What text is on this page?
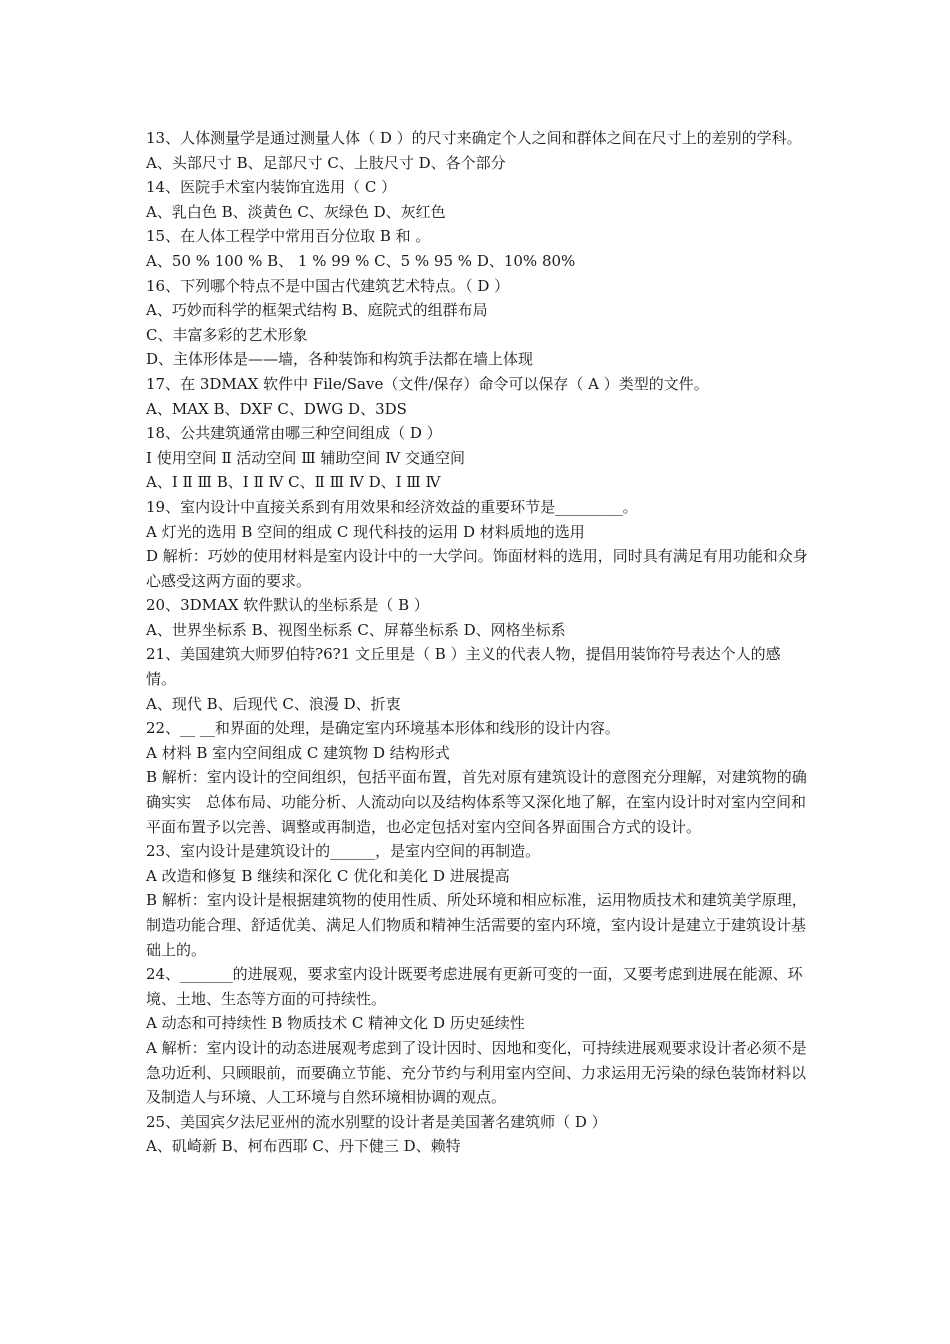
13、人体测量学是通过测量人体（ D ）的尺寸来确定个人之间和群体之间在尺寸上的差别的学科。

A、头部尺寸 B、足部尺寸 C、上肢尺寸 D、各个部分

14、医院手术室内装饰宜选用（ C ）

A、乳白色 B、淡黄色 C、灰绿色 D、灰红色

15、在人体工程学中常用百分位取 B 和 。

A、50 % 100 % B、 1 % 99 % C、5 % 95 % D、10% 80%

16、下列哪个特点不是中国古代建筑艺术特点。（ D ）

A、巧妙而科学的框架式结构 B、庭院式的组群布局

C、丰富多彩的艺术形象

D、主体形体是——墙，各种装饰和构筑手法都在墙上体现

17、在 3DMAX 软件中 File/Save（文件/保存）命令可以保存（ A ）类型的文件。

A、MAX B、DXF C、DWG D、3DS

18、公共建筑通常由哪三种空间组成（ D ）

Ⅰ 使用空间 Ⅱ 活动空间 Ⅲ 辅助空间 Ⅳ 交通空间

A、Ⅰ Ⅱ Ⅲ B、Ⅰ Ⅱ Ⅳ C、Ⅱ Ⅲ Ⅳ D、Ⅰ Ⅲ Ⅳ

19、室内设计中直接关系到有用效果和经济效益的重要环节是_________。

A 灯光的选用 B 空间的组成 C 现代科技的运用 D 材料质地的选用

D 解析：巧妙的使用材料是室内设计中的一大学问。饰面材料的选用，同时具有满足有用功能和众身心感受这两方面的要求。

20、3DMAX 软件默认的坐标系是（ B ）

A、世界坐标系 B、视图坐标系 C、屏幕坐标系 D、网格坐标系

21、美国建筑大师罗伯特?6?1 文丘里是（ B ）主义的代表人物，提倡用装饰符号表达个人的感情。

A、现代 B、后现代 C、浪漫 D、折衷

22、__ __和界面的处理，是确定室内环境基本形体和线形的设计内容。

A 材料 B 室内空间组成 C 建筑物 D 结构形式

B 解析：室内设计的空间组织，包括平面布置，首先对原有建筑设计的意图充分理解，对建筑物的确确实实　总体布局、功能分析、人流动向以及结构体系等又深化地了解，在室内设计时对室内空间和平面布置予以完善、调整或再制造，也必定包括对室内空间各界面围合方式的设计。

23、室内设计是建筑设计的______，是室内空间的再制造。

A 改造和修复 B 继续和深化 C 优化和美化 D 进展提高

B 解析：室内设计是根据建筑物的使用性质、所处环境和相应标准，运用物质技术和建筑美学原理，制造功能合理、舒适优美、满足人们物质和精神生活需要的室内环境，室内设计是建立于建筑设计基础上的。

24、_______的进展观，要求室内设计既要考虑进展有更新可变的一面，又要考虑到进展在能源、环境、土地、生态等方面的可持续性。

A 动态和可持续性 B 物质技术 C 精神文化 D 历史延续性

A 解析：室内设计的动态进展观考虑到了设计因时、因地和变化，可持续进展观要求设计者必须不是急功近利、只顾眼前，而要确立节能、充分节约与利用室内空间、力求运用无污染的绿色装饰材料以及制造人与环境、人工环境与自然环境相协调的观点。

25、美国宾夕法尼亚州的流水别墅的设计者是美国著名建筑师（ D ）

A、矶崎新 B、柯布西耶 C、丹下健三 D、赖特
